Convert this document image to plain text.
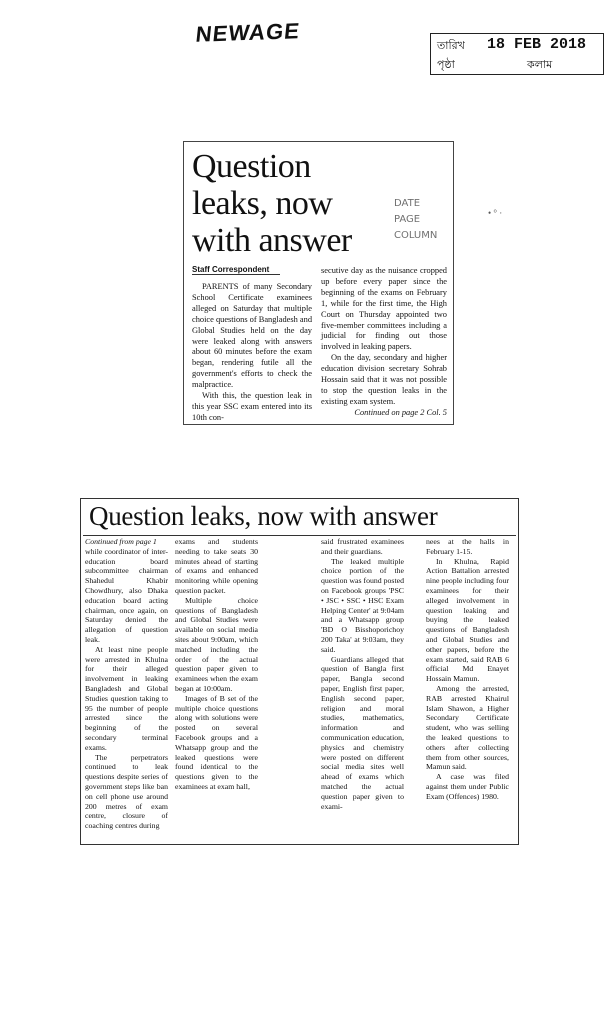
NEWAGE	তারিখ 18 FEB 2018
পৃষ্ঠা	কলাম
Question leaks, now with answer
DATE
PAGE
COLUMN
Staff Correspondent
PARENTS of many Secondary School Certificate examinees alleged on Saturday that multiple choice questions of Bangladesh and Global Studies held on the day were leaked along with answers about 60 minutes before the exam began, rendering futile all the government's efforts to check the malpractice.
With this, the question leak in this year SSC exam entered into its 10th con-
secutive day as the nuisance cropped up before every paper since the beginning of the exams on February 1, while for the first time, the High Court on Thursday appointed two five-member committees including a judicial for finding out those involved in leaking papers.
On the day, secondary and higher education division secretary Sohrab Hossain said that it was not possible to stop the question leaks in the existing exam system.
Continued on page 2 Col. 5
• ° ·
Question leaks, now with answer

Continued from page 1

while coordinator of inter-education board subcommittee chairman Shahedul Khabir Chowdhury, also Dhaka education board acting chairman, once again, on Saturday denied the allegation of question leak.

At least nine people were arrested in Khulna for their alleged involvement in leaking Bangladesh and Global Studies question taking to 95 the number of people arrested since the beginning of the secondary terminal exams.

The perpetrators continued to leak questions despite series of government steps like ban on cell phone use around 200 metres of exam centre, closure of coaching centres during

exams and students needing to take seats 30 minutes ahead of starting of exams and enhanced monitoring while opening question packet.

Multiple choice questions of Bangladesh and Global Studies were available on social media sites about 9:00am, which matched including the order of the actual question paper given to examinees when the exam began at 10:00am.

Images of B set of the multiple choice questions along with solutions were posted on several Facebook groups and a Whatsapp group and the leaked questions were found identical to the questions given to the examinees at exam hall,

said frustrated examinees and their guardians.

The leaked multiple choice portion of the question was found posted on Facebook groups 'PSC • JSC • SSC • HSC Exam Helping Center' at 9:04am and a Whatsapp group 'BD O Bisshoporichoy 200 Taka' at 9:03am, they said.

Guardians alleged that question of Bangla first paper, Bangla second paper, English first paper, English second paper, religion and moral studies, mathematics, information and communication education, physics and chemistry were posted on different social media sites well ahead of exams which matched the actual question paper given to exami-

nees at the halls in February 1-15.

In Khulna, Rapid Action Battalion arrested nine people including four examinees for their alleged involvement in question leaking and buying the leaked questions of Bangladesh and Global Studies and other papers, before the exam started, said RAB 6 official Md Enayet Hossain Mamun.

Among the arrested, RAB arrested Khairul Islam Shawon, a Higher Secondary Certificate student, who was selling the leaked questions to others after collecting them from other sources, Mamun said.

A case was filed against them under Public Exam (Offences) 1980.
